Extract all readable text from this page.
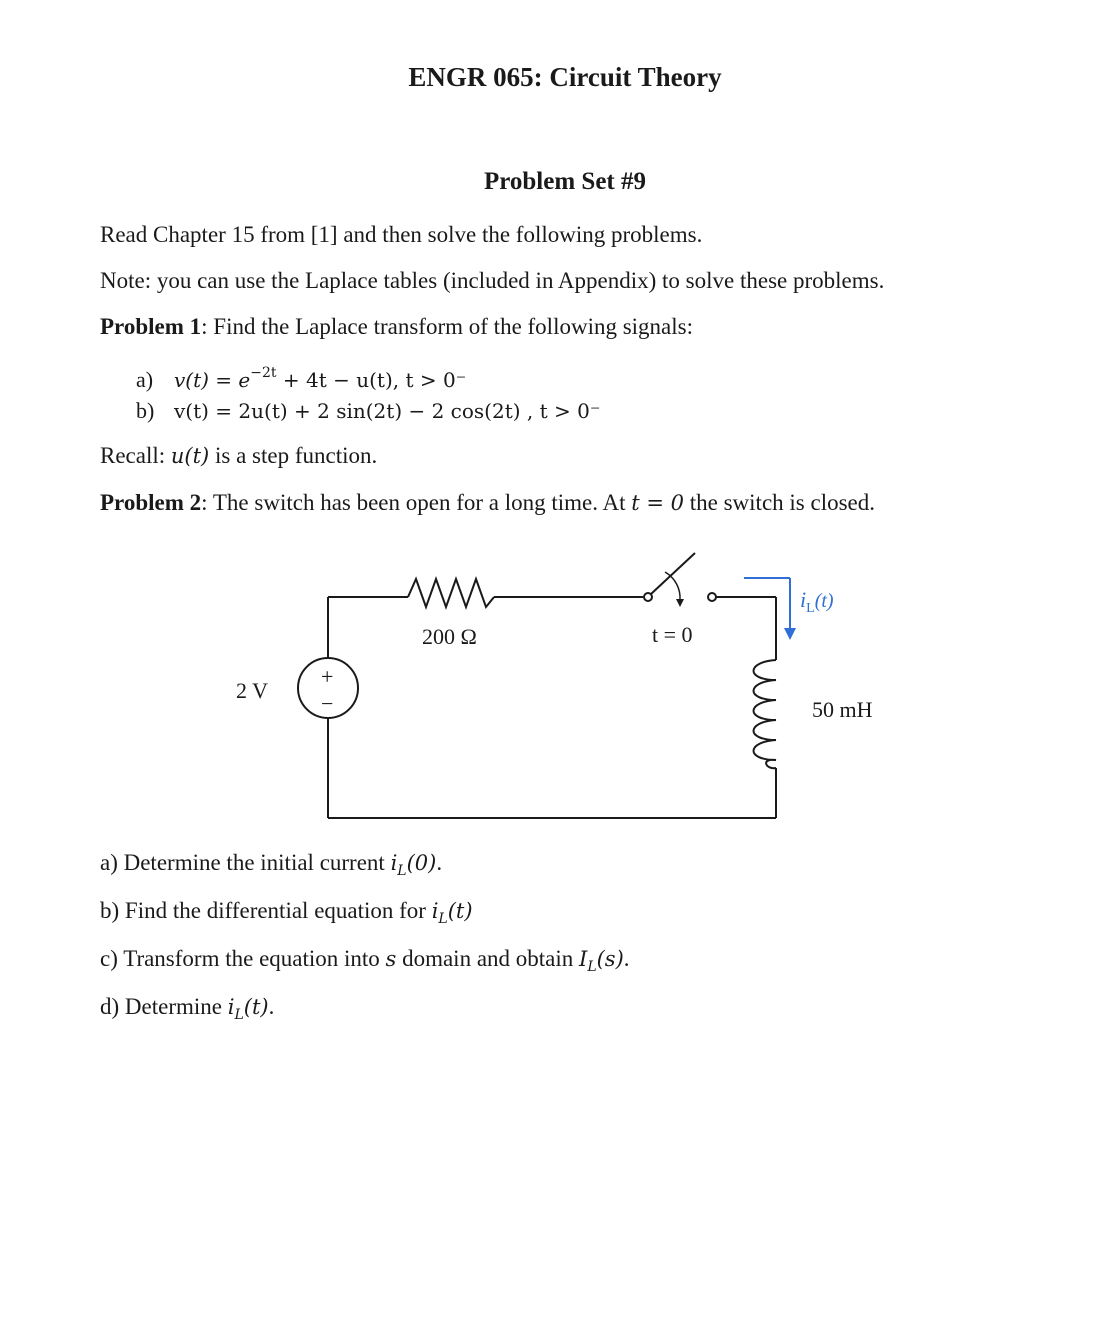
ENGR 065: Circuit Theory
Problem Set #9
Read Chapter 15 from [1] and then solve the following problems.
Note: you can use the Laplace tables (included in Appendix) to solve these problems.
Problem 1: Find the Laplace transform of the following signals:
a) $v(t) = e^{-2t} + 4t - u(t)$, t > 0⁻
b) v(t) = 2u(t) + 2 sin(2t) − 2 cos(2t) , t > 0⁻
Recall: u(t) is a step function.
Problem 2: The switch has been open for a long time. At t = 0 the switch is closed.
+
−
2 V
200 Ω	t = 0
$i_L(t)$
50 mH
a) Determine the initial current $i_L(0)$.
b) Find the differential equation for $i_L(t)$
c) Transform the equation into s domain and obtain $I_L(s)$.
d) Determine $i_L(t)$.
